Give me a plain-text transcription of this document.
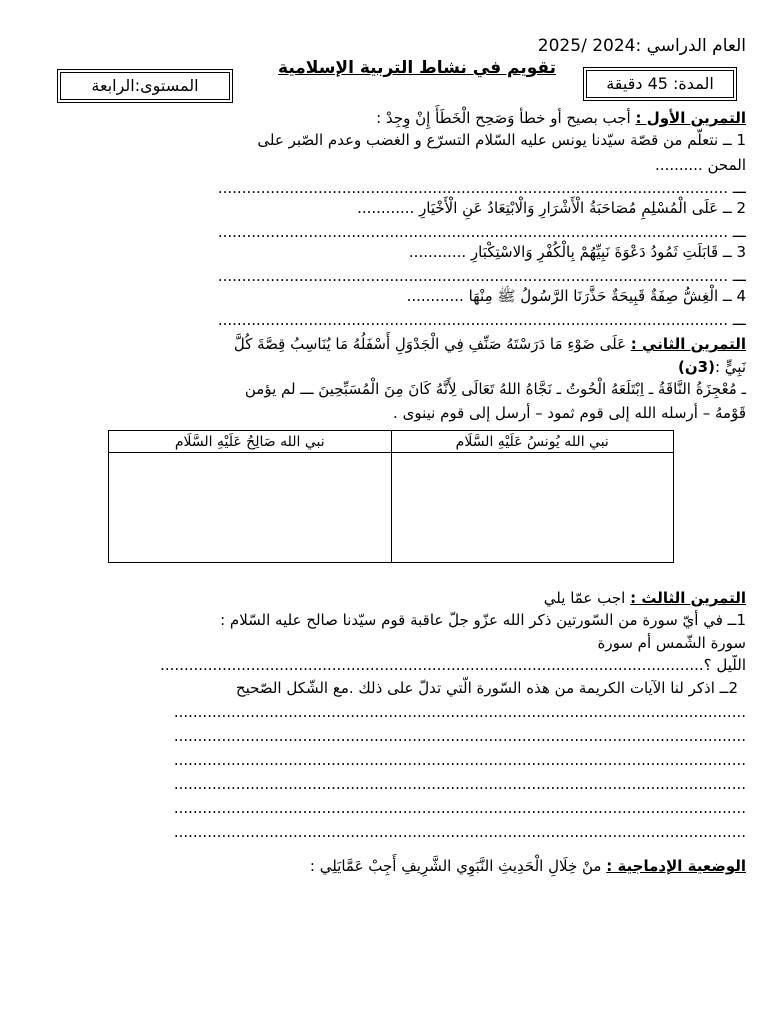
العام الدراسي :2024 /2025
تقويم في نشاط التربية الإسلامية
المدة: 45 دقيقة
المستوى:الرابعة
التمرين الأول : أجب بصيح أو خطأ وَصَحِح الْخَطَأَ إِنْ وِجِدْ :
1 ــ نتعلّم من قصّة سيّدنا يونس عليه السّلام التسرّع و الغضب وعدم الصّبر على
المحن ..........
ـــ ...........................................................................................................
2 ــ عَلَى الْمُسْلِمِ مُصَاحَبَةُ الْأَشْرَارِ وَالْابْتِعَادُ عَنِ الْأَخْيَارِ ............
ـــ ...........................................................................................................
3 ــ قَابَلَتِ ثَمُودُ دَعْوَةَ نَبِيِّهُمْ بِالْكُفْرِ وَالاسْتِكْبَارِ ............
ـــ ...........................................................................................................
4 ــ الْغِشُّ صِفَةٌ قَبِيحَةٌ حَذَّرَنَا الرَّسُولُ ﷺ مِنْهَا ............
ـــ ...........................................................................................................
التمرين الثاني : عَلَى ضَوْءِ مَا دَرَسْتَهُ صَنِّفِ فِي الْجَدْوَلِ أَسْفَلُهُ مَا يُنَاسِبُ قِصَّةَ كُلَّ
نَبِيٍّ :(3ن)
ـ مُعْجِزَةُ النَّاقَةُ ـ اِبْتَلَعَهُ الْحُوتُ ـ نَجَّاهُ اللهُ تَعَالَى لِأَنَّهُ كَانَ مِنَ الْمُسَبِّحِينَ ـــ لم يؤمن
قَوْمهُ – أرسله الله إلى قوم ثمود – أرسل إلى قوم نينوى .
نبي الله يُونسُ عَلَيْهِ السَّلَام	نبي الله صَالِحُ عَلَيْهِ السَّلَام

التمرين الثالث : اجب عمّا يلي
1ــ في أيّ سورة من السّورتين ذكر الله عزّو جلّ عاقبة قوم سيّدنا صالح عليه السّلام :
سورة الشّمس أم سورة
اللّيل ؟..................................................................................................................
2ــ اذكر لنا الآيات الكريمة من هذه السّورة الّتي تدلّ على ذلك .مع الشّكل الصّحيح
........................................................................................................................
........................................................................................................................
........................................................................................................................
........................................................................................................................
........................................................................................................................
........................................................................................................................
الوضعية الإدماجية : منْ خِلَالِ الْحَدِيثِ النَّبَوِي الشَّرِيفِ أَجِبْ عَمَّايَلِي :
